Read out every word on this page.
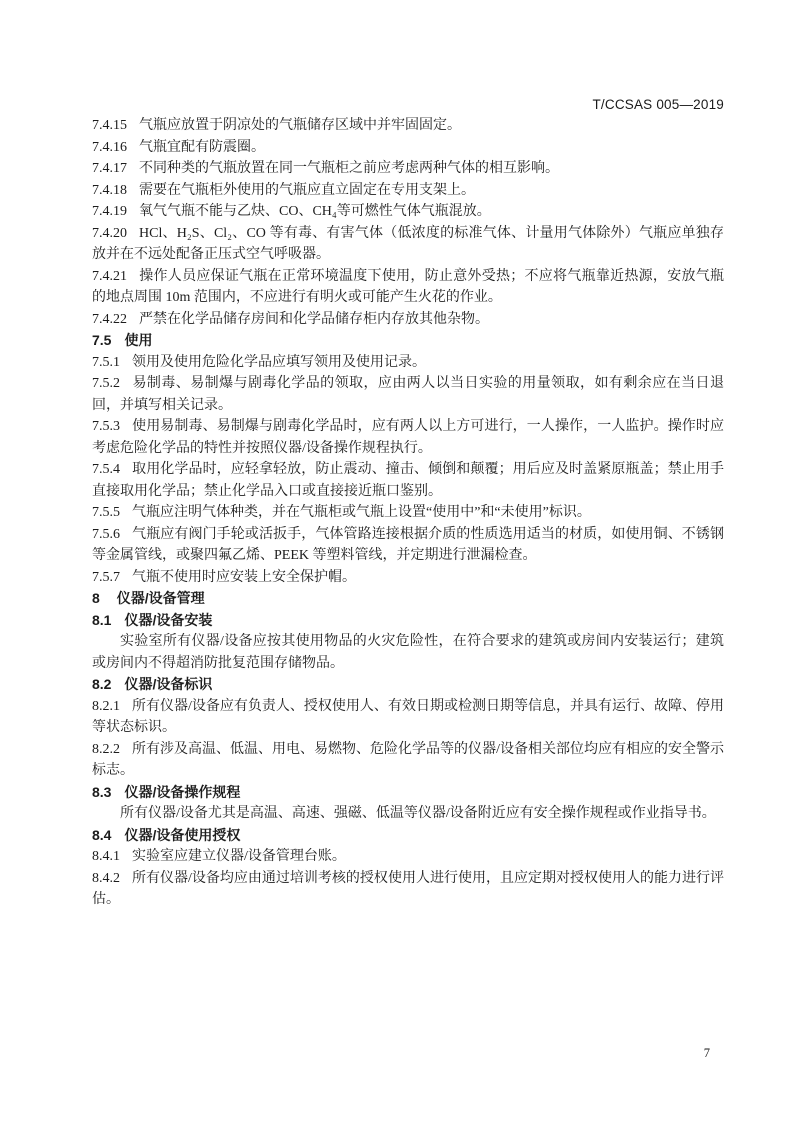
T/CCSAS 005—2019

7.4.15 气瓶应放置于阴凉处的气瓶储存区域中并牢固固定。

7.4.16 气瓶宜配有防震圈。

7.4.17 不同种类的气瓶放置在同一气瓶柜之前应考虑两种气体的相互影响。

7.4.18 需要在气瓶柜外使用的气瓶应直立固定在专用支架上。

7.4.19 氧气气瓶不能与乙炔、CO、CH₄等可燃性气体气瓶混放。

7.4.20 HCl、H₂S、Cl₂、CO 等有毒、有害气体（低浓度的标准气体、计量用气体除外）气瓶应单独存放并在不远处配备正压式空气呼吸器。

7.4.21 操作人员应保证气瓶在正常环境温度下使用，防止意外受热；不应将气瓶靠近热源，安放气瓶的地点周围 10m 范围内，不应进行有明火或可能产生火花的作业。

7.4.22 严禁在化学品储存房间和化学品储存柜内存放其他杂物。

7.5 使用

7.5.1 领用及使用危险化学品应填写领用及使用记录。

7.5.2 易制毒、易制爆与剧毒化学品的领取，应由两人以当日实验的用量领取，如有剩余应在当日退回，并填写相关记录。

7.5.3 使用易制毒、易制爆与剧毒化学品时，应有两人以上方可进行，一人操作，一人监护。操作时应考虑危险化学品的特性并按照仪器/设备操作规程执行。

7.5.4 取用化学品时，应轻拿轻放，防止震动、撞击、倾倒和颠覆；用后应及时盖紧原瓶盖；禁止用手直接取用化学品；禁止化学品入口或直接接近瓶口鉴别。

7.5.5 气瓶应注明气体种类，并在气瓶柜或气瓶上设置“使用中”和“未使用”标识。

7.5.6 气瓶应有阀门手轮或活扳手，气体管路连接根据介质的性质选用适当的材质，如使用铜、不锈钢等金属管线，或聚四氟乙烯、PEEK 等塑料管线，并定期进行泄漏检查。

7.5.7 气瓶不使用时应安装上安全保护帽。

8 仪器/设备管理
8.1 仪器/设备安装

实验室所有仪器/设备应按其使用物品的火灾危险性，在符合要求的建筑或房间内安装运行；建筑或房间内不得超消防批复范围存储物品。

8.2 仪器/设备标识

8.2.1 所有仪器/设备应有负责人、授权使用人、有效日期或检测日期等信息，并具有运行、故障、停用等状态标识。

8.2.2 所有涉及高温、低温、用电、易燃物、危险化学品等的仪器/设备相关部位均应有相应的安全警示标志。

8.3 仪器/设备操作规程

所有仪器/设备尤其是高温、高速、强磁、低温等仪器/设备附近应有安全操作规程或作业指导书。

8.4 仪器/设备使用授权

8.4.1 实验室应建立仪器/设备管理台账。

8.4.2 所有仪器/设备均应由通过培训考核的授权使用人进行使用，且应定期对授权使用人的能力进行评估。

7
